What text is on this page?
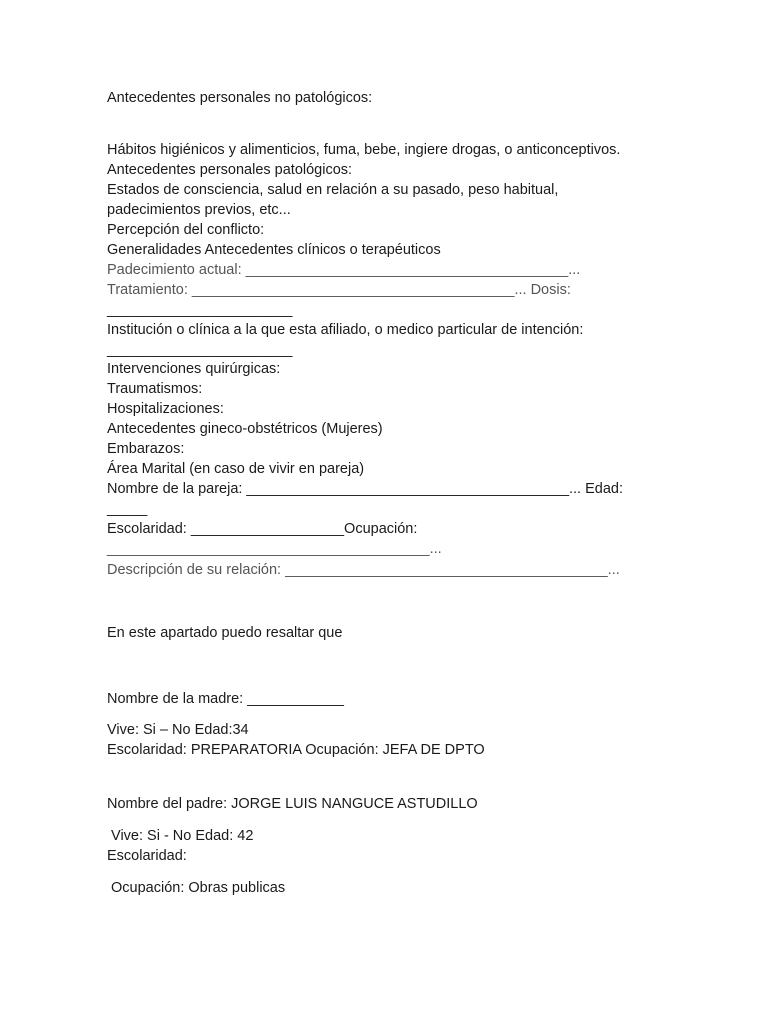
Antecedentes personales no patológicos:
Hábitos higiénicos y alimenticios, fuma, bebe, ingiere drogas, o anticonceptivos.
Antecedentes personales patológicos:
Estados de consciencia, salud en relación a su pasado, peso habitual,
padecimientos previos, etc...
Percepción del conflicto:
Generalidades Antecedentes clínicos o terapéuticos
Padecimiento actual: ________________________________________...
Tratamiento: ________________________________________... Dosis:
_______________________
Institución o clínica a la que esta afiliado, o medico particular de intención:
_______________________
Intervenciones quirúrgicas:
Traumatismos:
Hospitalizaciones:
Antecedentes gineco-obstétricos (Mujeres)
Embarazos:
Área Marital (en caso de vivir en pareja)
Nombre de la pareja: ________________________________________... Edad:
_____
Escolaridad: ___________________Ocupación:
________________________________________...
Descripción de su relación: ________________________________________...
En este apartado puedo resaltar que
Nombre de la madre: ____________
Vive: Si – No Edad:34
Escolaridad: PREPARATORIA Ocupación: JEFA DE DPTO
Nombre del padre: JORGE LUIS NANGUCE ASTUDILLO
Vive: Si - No Edad: 42
Escolaridad:
Ocupación: Obras publicas
